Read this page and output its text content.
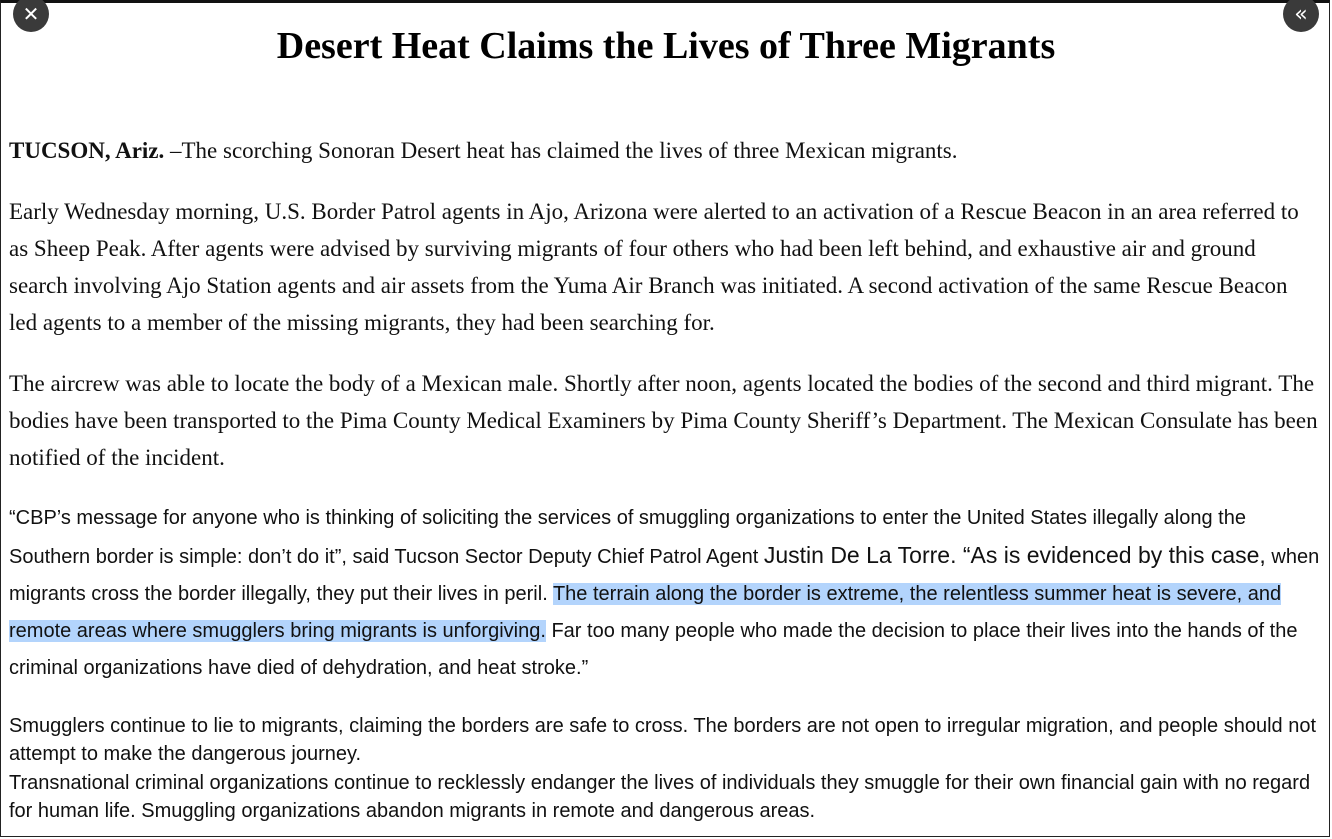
✕	«
Desert Heat Claims the Lives of Three Migrants

TUCSON, Ariz. –The scorching Sonoran Desert heat has claimed the lives of three Mexican migrants.

Early Wednesday morning, U.S. Border Patrol agents in Ajo, Arizona were alerted to an activation of a Rescue Beacon in an area referred to as Sheep Peak. After agents were advised by surviving migrants of four others who had been left behind, and exhaustive air and ground search involving Ajo Station agents and air assets from the Yuma Air Branch was initiated. A second activation of the same Rescue Beacon led agents to a member of the missing migrants, they had been searching for.

The aircrew was able to locate the body of a Mexican male. Shortly after noon, agents located the bodies of the second and third migrant. The bodies have been transported to the Pima County Medical Examiners by Pima County Sheriff’s Department. The Mexican Consulate has been notified of the incident.

“CBP’s message for anyone who is thinking of soliciting the services of smuggling organizations to enter the United States illegally along the Southern border is simple: don’t do it”, said Tucson Sector Deputy Chief Patrol Agent Justin De La Torre. “As is evidenced by this case, when migrants cross the border illegally, they put their lives in peril. The terrain along the border is extreme, the relentless summer heat is severe, and remote areas where smugglers bring migrants is unforgiving. Far too many people who made the decision to place their lives into the hands of the criminal organizations have died of dehydration, and heat stroke.”

Smugglers continue to lie to migrants, claiming the borders are safe to cross. The borders are not open to irregular migration, and people should not attempt to make the dangerous journey.

Transnational criminal organizations continue to recklessly endanger the lives of individuals they smuggle for their own financial gain with no regard for human life. Smuggling organizations abandon migrants in remote and dangerous areas.
